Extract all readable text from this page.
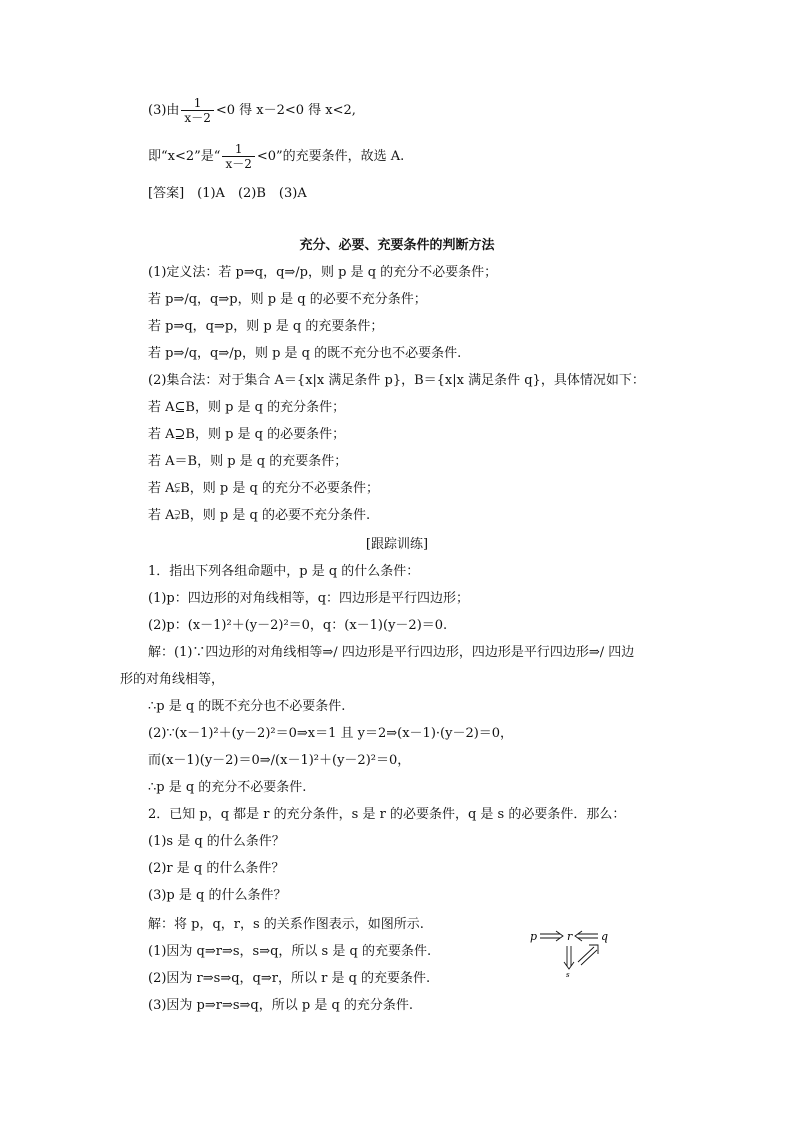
(3)由 $\frac{1}{x-2} <0$ 得 x－2<0 得 x<2,
即“x<2”是“ $\frac{1}{x-2} <0$”的充要条件，故选 A.
[答案]　(1)A　(2)B　(3)A
充分、必要、充要条件的判断方法
(1)定义法：若 p⇒q，q⇒/p，则 p 是 q 的充分不必要条件；
若 p⇒/q，q⇒p，则 p 是 q 的必要不充分条件；
若 p⇒q，q⇒p，则 p 是 q 的充要条件；
若 p⇒/q，q⇒/p，则 p 是 q 的既不充分也不必要条件.
(2)集合法：对于集合 A＝{x|x 满足条件 p}，B＝{x|x 满足条件 q}，具体情况如下：
若 A⊆B，则 p 是 q 的充分条件；
若 A⊇B，则 p 是 q 的必要条件；
若 A＝B，则 p 是 q 的充要条件；
若 A⫋B，则 p 是 q 的充分不必要条件；
若 A⫌B，则 p 是 q 的必要不充分条件.
[跟踪训练]
1．指出下列各组命题中，p 是 q 的什么条件：
(1)p：四边形的对角线相等，q：四边形是平行四边形；
(2)p：(x－1)²＋(y－2)²＝0，q：(x－1)(y－2)＝0.
解：(1)∵四边形的对角线相等⇒/ 四边形是平行四边形，四边形是平行四边形⇒/ 四边
形的对角线相等，
∴p 是 q 的既不充分也不必要条件.
(2)∵(x－1)²＋(y－2)²＝0⇒x＝1 且 y＝2⇒(x－1)·(y－2)＝0，
而(x－1)(y－2)＝0⇒/(x－1)²＋(y－2)²＝0，
∴p 是 q 的充分不必要条件.
2．已知 p，q 都是 r 的充分条件，s 是 r 的必要条件，q 是 s 的必要条件．那么：
(1)s 是 q 的什么条件？
(2)r 是 q 的什么条件？
(3)p 是 q 的什么条件？
解：将 p，q，r，s 的关系作图表示，如图所示.
(1)因为 q⇒r⇒s，s⇒q，所以 s 是 q 的充要条件.
(2)因为 r⇒s⇒q，q⇒r，所以 r 是 q 的充要条件.
(3)因为 p⇒r⇒s⇒q，所以 p 是 q 的充分条件.
p	r	q
s
